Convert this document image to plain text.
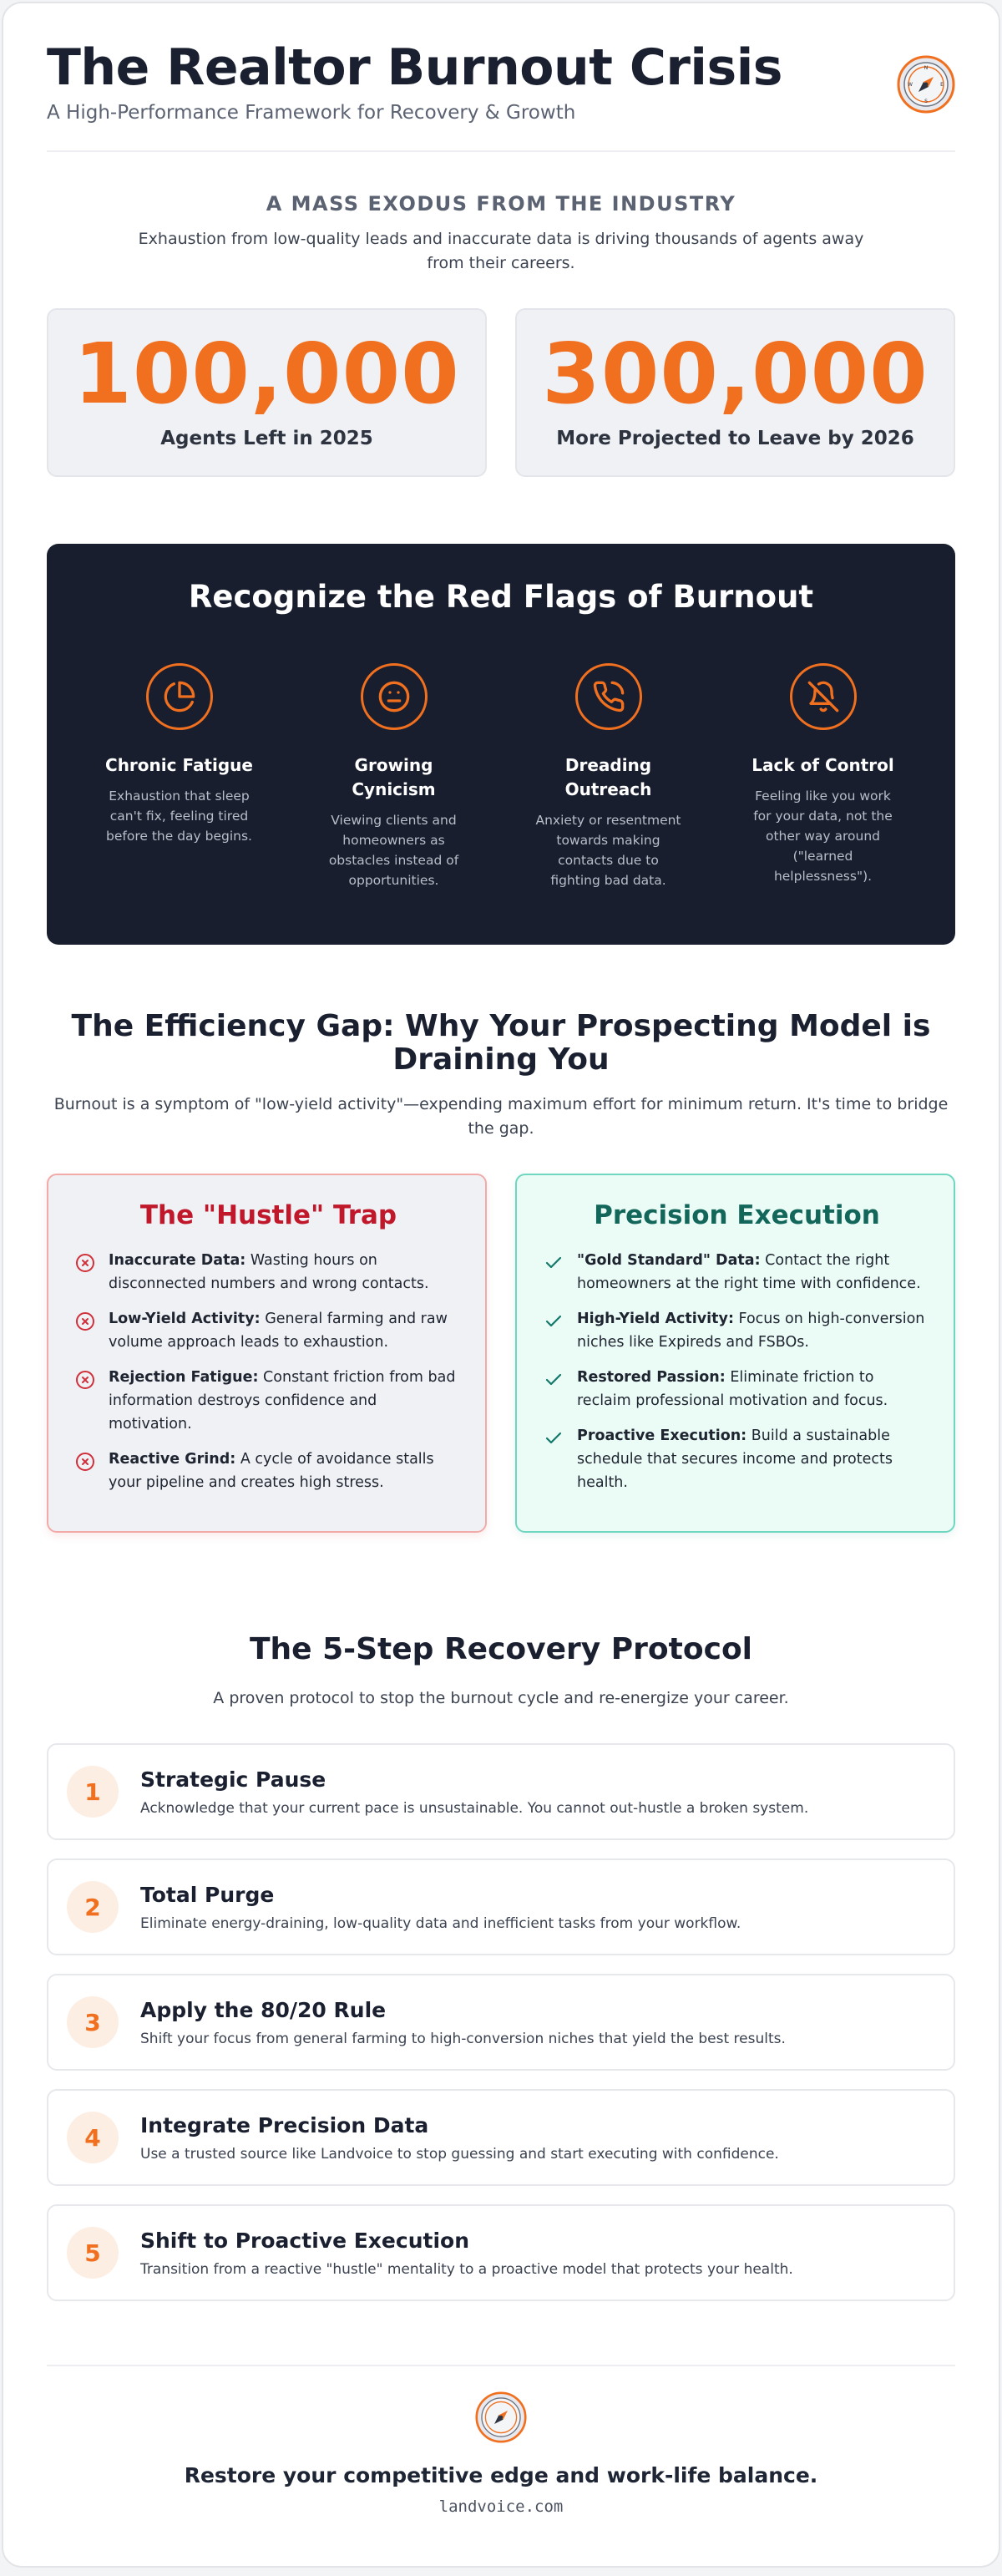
The Realtor Burnout Crisis
A High-Performance Framework for Recovery & Growth
N
S
W	E
A MASS EXODUS FROM THE INDUSTRY
Exhaustion from low-quality leads and inaccurate data is driving thousands of agents away from their careers.
100,000
Agents Left in 2025
300,000
More Projected to Leave by 2026
Recognize the Red Flags of Burnout
Chronic Fatigue
Exhaustion that sleep can't fix, feeling tired before the day begins.
Growing Cynicism
Viewing clients and homeowners as obstacles instead of opportunities.
Dreading Outreach
Anxiety or resentment towards making contacts due to fighting bad data.
Lack of Control
Feeling like you work for your data, not the other way around ("learned helplessness").
The Efficiency Gap: Why Your Prospecting Model is Draining You
Burnout is a symptom of "low-yield activity"—expending maximum effort for minimum return. It's time to bridge the gap.
The "Hustle" Trap
Inaccurate Data: Wasting hours on disconnected numbers and wrong contacts.
Low-Yield Activity: General farming and raw volume approach leads to exhaustion.
Rejection Fatigue: Constant friction from bad information destroys confidence and motivation.
Reactive Grind: A cycle of avoidance stalls your pipeline and creates high stress.
Precision Execution
"Gold Standard" Data: Contact the right homeowners at the right time with confidence.
High-Yield Activity: Focus on high-conversion niches like Expireds and FSBOs.
Restored Passion: Eliminate friction to reclaim professional motivation and focus.
Proactive Execution: Build a sustainable schedule that secures income and protects health.
The 5-Step Recovery Protocol
A proven protocol to stop the burnout cycle and re-energize your career.
1	Strategic Pause
Acknowledge that your current pace is unsustainable. You cannot out-hustle a broken system.
2	Total Purge
Eliminate energy-draining, low-quality data and inefficient tasks from your workflow.
3	Apply the 80/20 Rule
Shift your focus from general farming to high-conversion niches that yield the best results.
4	Integrate Precision Data
Use a trusted source like Landvoice to stop guessing and start executing with confidence.
5	Shift to Proactive Execution
Transition from a reactive "hustle" mentality to a proactive model that protects your health.
Restore your competitive edge and work-life balance.
landvoice.com
